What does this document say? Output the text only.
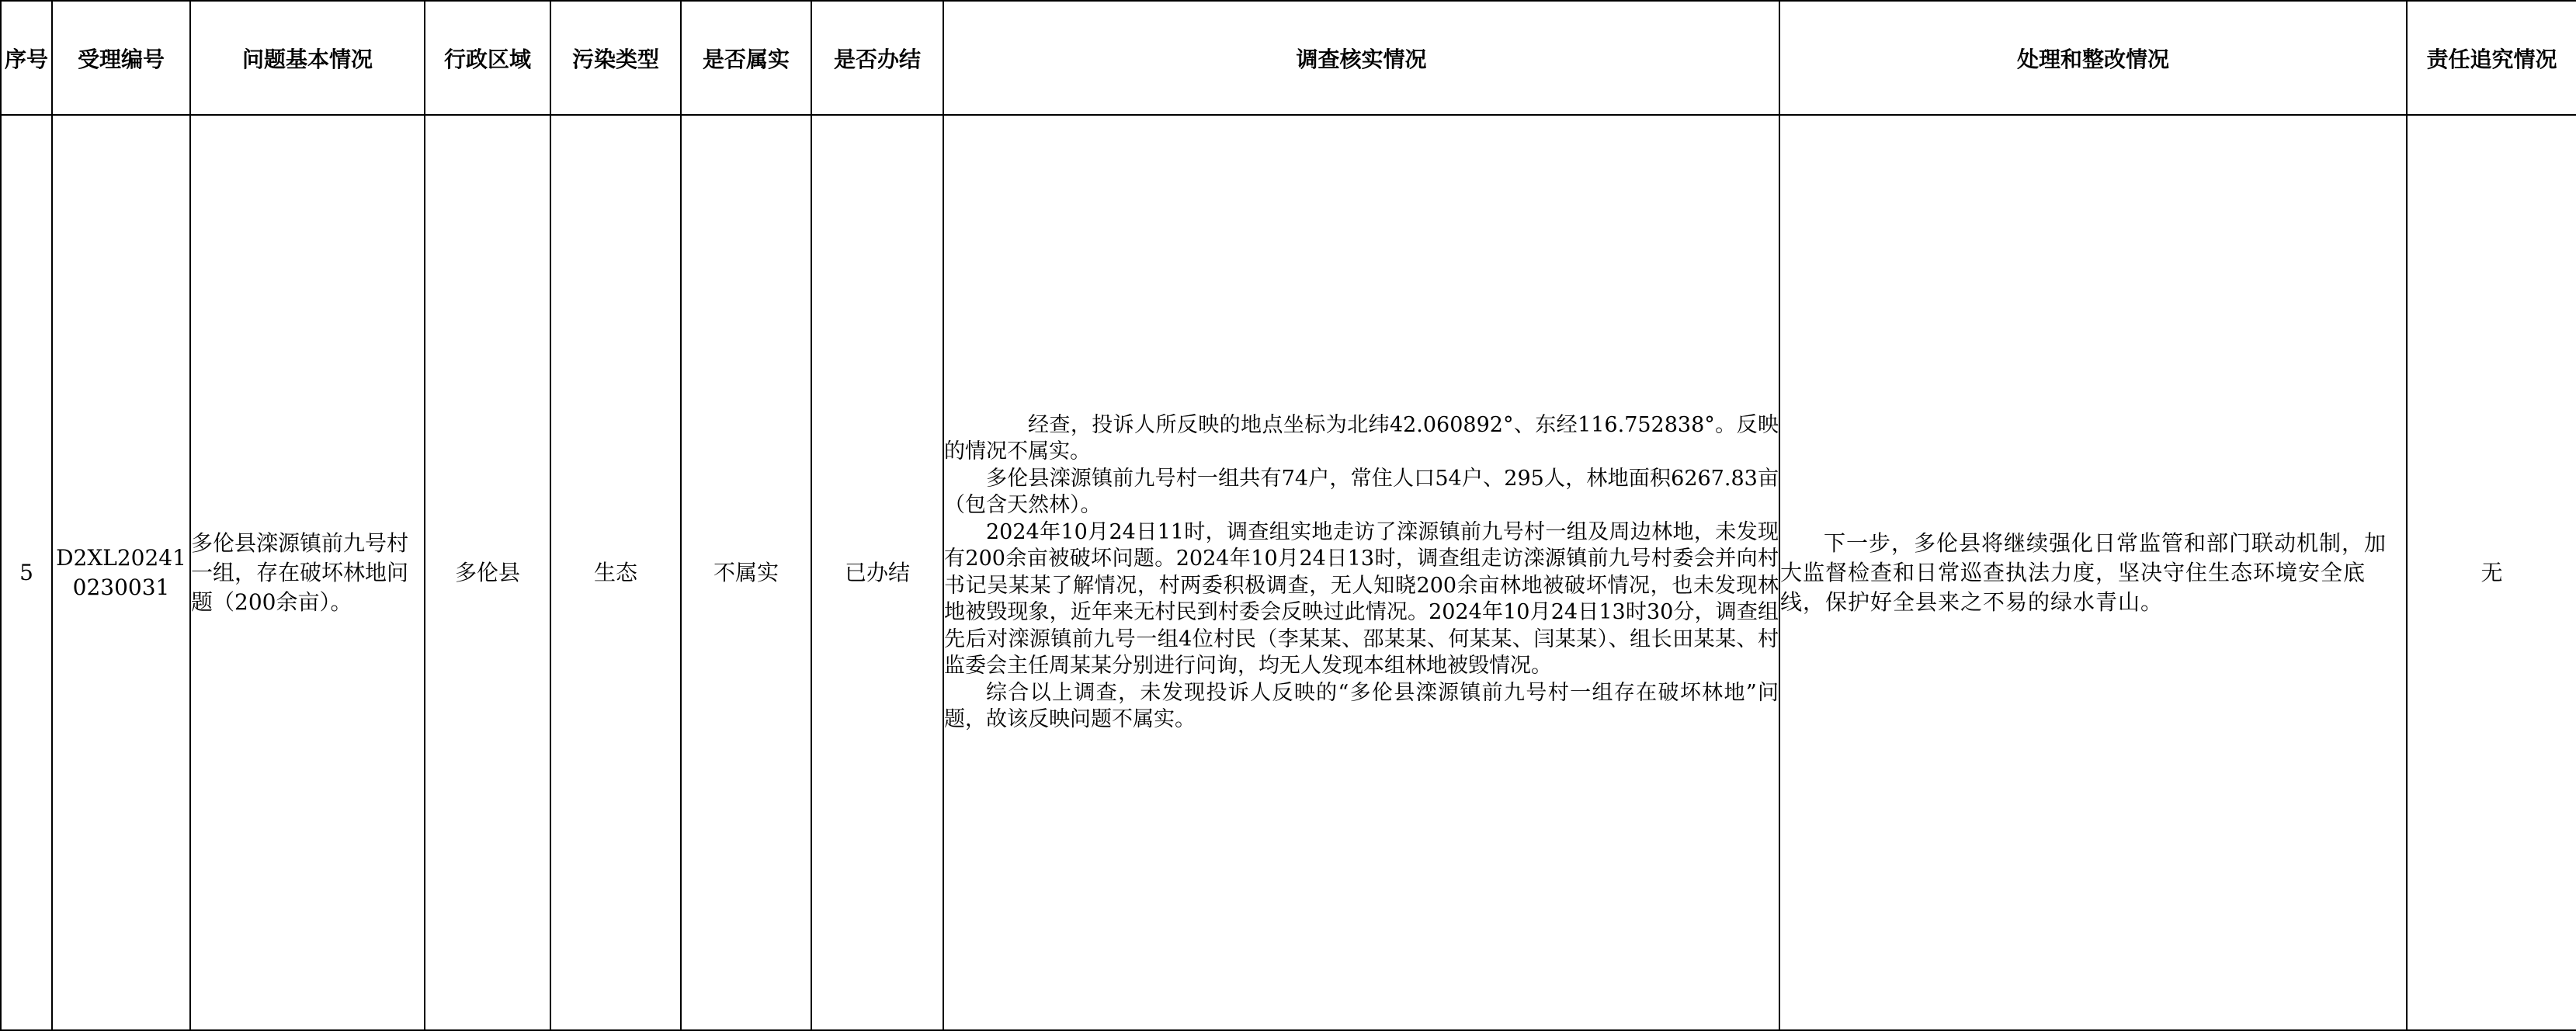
序号	受理编号	问题基本情况	行政区域	污染类型	是否属实	是否办结	调查核实情况	处理和整改情况	责任追究情况
5	D2XL202410230031	多伦县滦源镇前九号村一组，存在破坏林地问题（200余亩）。	多伦县	生态	不属实	已办结	经查，投诉人所反映的地点坐标为北纬42.060892°、东经116.752838°。反映的情况不属实。

多伦县滦源镇前九号村一组共有74户，常住人口54户、295人，林地面积6267.83亩（包含天然林）。

2024年10月24日11时，调查组实地走访了滦源镇前九号村一组及周边林地，未发现有200余亩被破坏问题。2024年10月24日13时，调查组走访滦源镇前九号村委会并向村书记吴某某了解情况，村两委积极调查，无人知晓200余亩林地被破坏情况，也未发现林地被毁现象，近年来无村民到村委会反映过此情况。2024年10月24日13时30分，调查组先后对滦源镇前九号一组4位村民（李某某、邵某某、何某某、闫某某）、组长田某某、村监委会主任周某某分别进行问询，均无人发现本组林地被毁情况。

综合以上调查，未发现投诉人反映的“多伦县滦源镇前九号村一组存在破坏林地”问题，故该反映问题不属实。	下一步，多伦县将继续强化日常监管和部门联动机制，加大监督检查和日常巡查执法力度，坚决守住生态环境安全底线，保护好全县来之不易的绿水青山。	无
